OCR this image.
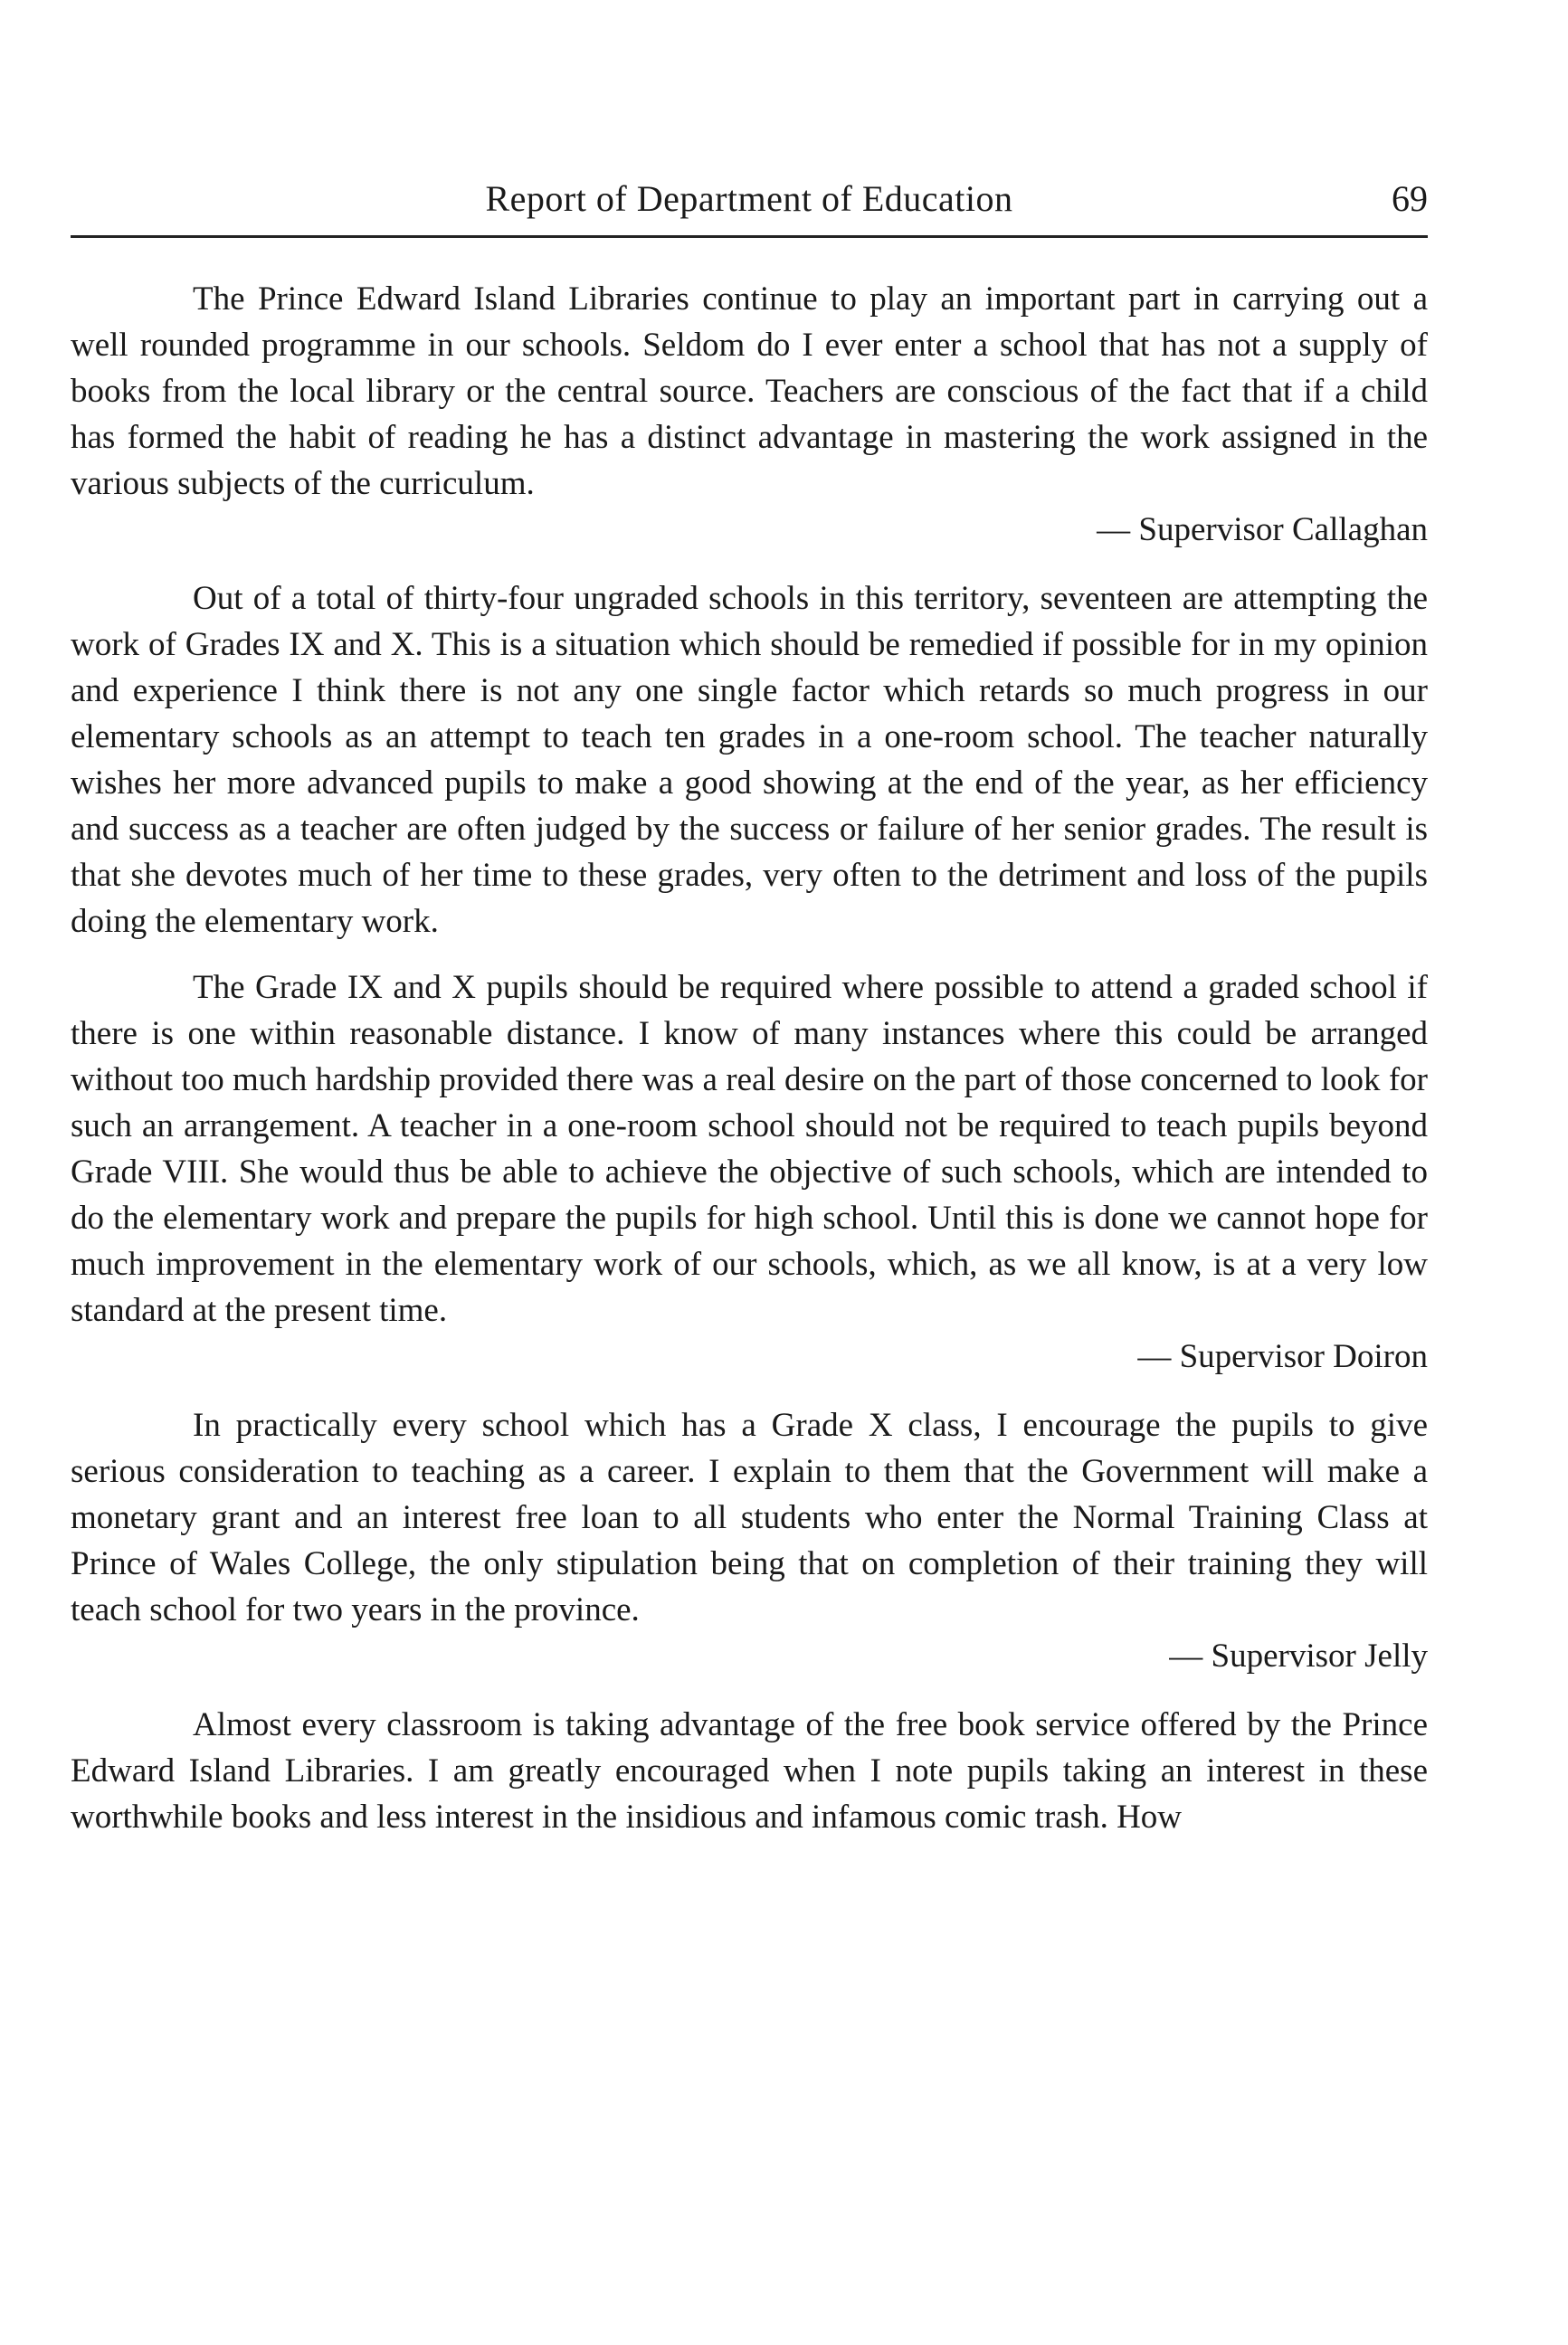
Report of Department of Education	69

The Prince Edward Island Libraries continue to play an important part in carrying out a well rounded programme in our schools. Seldom do I ever enter a school that has not a supply of books from the local library or the central source. Teachers are conscious of the fact that if a child has formed the habit of reading he has a distinct advantage in mastering the work assigned in the various subjects of the curriculum.

— Supervisor Callaghan

Out of a total of thirty-four ungraded schools in this territory, seventeen are attempting the work of Grades IX and X. This is a situation which should be remedied if possible for in my opinion and experience I think there is not any one single factor which retards so much progress in our elementary schools as an attempt to teach ten grades in a one-room school. The teacher naturally wishes her more advanced pupils to make a good showing at the end of the year, as her efficiency and success as a teacher are often judged by the success or failure of her senior grades. The result is that she devotes much of her time to these grades, very often to the detriment and loss of the pupils doing the elementary work.

The Grade IX and X pupils should be required where possible to attend a graded school if there is one within reasonable distance. I know of many instances where this could be arranged without too much hardship provided there was a real desire on the part of those concerned to look for such an arrangement. A teacher in a one-room school should not be required to teach pupils beyond Grade VIII. She would thus be able to achieve the objective of such schools, which are intended to do the elementary work and prepare the pupils for high school. Until this is done we cannot hope for much improvement in the elementary work of our schools, which, as we all know, is at a very low standard at the present time.

— Supervisor Doiron

In practically every school which has a Grade X class, I encourage the pupils to give serious consideration to teaching as a career. I explain to them that the Government will make a monetary grant and an interest free loan to all students who enter the Normal Training Class at Prince of Wales College, the only stipulation being that on completion of their training they will teach school for two years in the province.

— Supervisor Jelly

Almost every classroom is taking advantage of the free book service offered by the Prince Edward Island Libraries. I am greatly encouraged when I note pupils taking an interest in these worthwhile books and less interest in the insidious and infamous comic trash. How
